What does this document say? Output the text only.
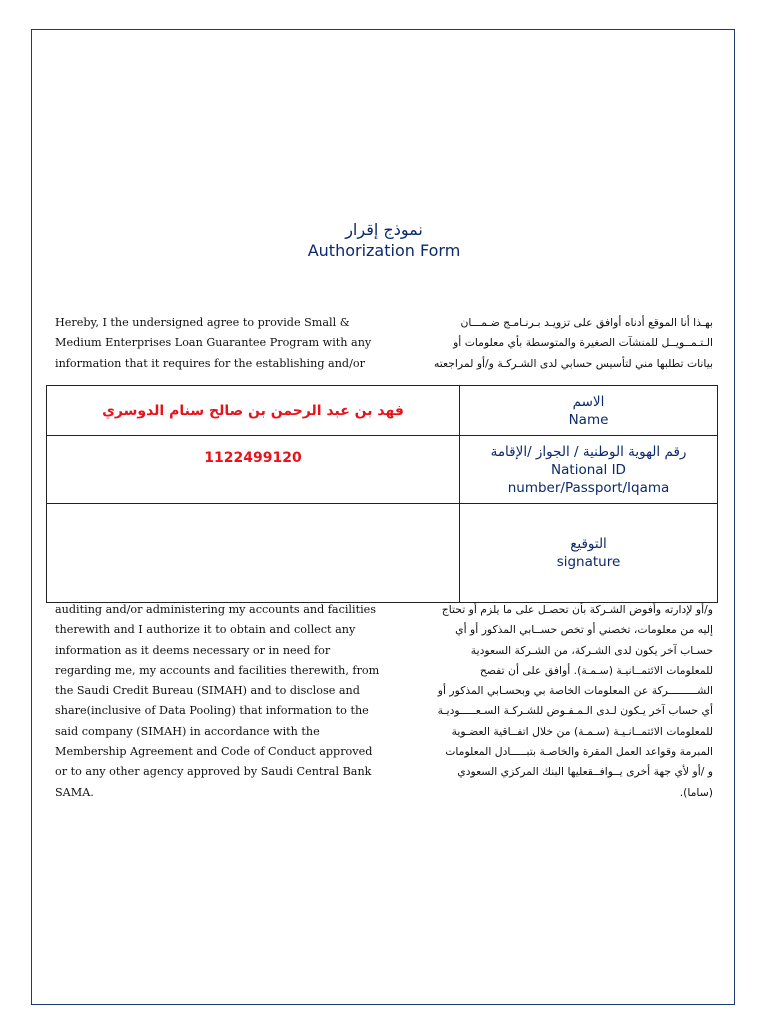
نموذج إقرار
Authorization Form
Hereby, I the undersigned agree to provide Small &
Medium Enterprises Loan Guarantee Program with any
information that it requires for the establishing and/or
بهـذا أنا الموقع أدناه أوافق على تزويـد بـرنـامـج ضـمـــان
الـتـمــويــل للمنشآت الصغيرة والمتوسطة بأي معلومات أو
بيانات تطلبها مني لتأسيس حسابي لدى الشـركـة و/أو لمراجعته
فهد بن عبد الرحمن بن صالح سنام الدوسري	الاسم
Name

1122499120	رقم الهوية الوطنية / الجواز /الإقامة
National ID
number/Passport/Iqama

	التوقيع
signature
auditing and/or administering my accounts and facilities
therewith and I authorize it to obtain and collect any
information as it deems necessary or in need for
regarding me, my accounts and facilities therewith, from
the Saudi Credit Bureau (SIMAH) and to disclose and
share(inclusive of Data Pooling) that information to the
said company (SIMAH) in accordance with the
Membership Agreement and Code of Conduct approved
or to any other agency approved by Saudi Central Bank
SAMA.
و/أو لإدارته وأفوض الشـركة بأن تحصـل على ما يلزم أو تحتاج
إليه من معلومات، تخصني أو تخص حســابي المذكور أو أي
حسـاب آخر يكون لدى الشـركة، من الشـركة السعودية
للمعلومات الائتمــانيـة (سـمـة). أوافق على أن تفصح
الشـــــــــركة عن المعلومات الخاصة بي وبحسـابي المذكور أو
أي حساب آخر يـكون لـدى الـمـفـوض للشـركـة السـعـــــوديـة
للمعلومات الائتمــانـيـة (سـمـة) من خلال اتفــاقية العضـوية
المبرمة وقواعد العمل المقرة والخاصـة بتبـــــادل المعلومات
و /أو لأي جهة أخرى يــوافــقعليها البنك المركزي السعودي
(ساما).
